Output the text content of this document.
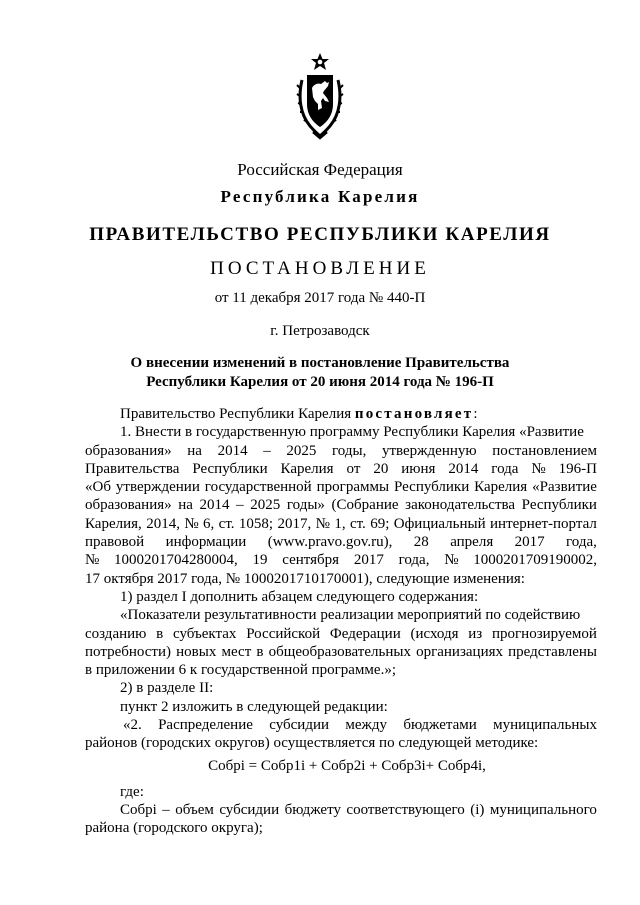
Российская Федерация
Республика Карелия
ПРАВИТЕЛЬСТВО РЕСПУБЛИКИ КАРЕЛИЯ
ПОСТАНОВЛЕНИЕ
от 11 декабря 2017 года № 440-П
г. Петрозаводск
О внесении изменений в постановление Правительства
Республики Карелия от 20 июня 2014 года № 196-П
Правительство Республики Карелия постановляет:
1. Внести в государственную программу Республики Карелия «Развитие
образования» на 2014 – 2025 годы, утвержденную постановлением
Правительства Республики Карелия от 20 июня 2014 года № 196-П
«Об утверждении государственной программы Республики Карелия «Развитие
образования» на 2014 – 2025 годы» (Собрание законодательства Республики
Карелия, 2014, № 6, ст. 1058; 2017, № 1, ст. 69; Официальный интернет-портал
правовой информации (www.pravo.gov.ru), 28 апреля 2017 года,
№ 1000201704280004, 19 сентября 2017 года, № 1000201709190002,
17 октября 2017 года, № 1000201710170001), следующие изменения:
1) раздел I дополнить абзацем следующего содержания:
«Показатели результативности реализации мероприятий по содействию
созданию в субъектах Российской Федерации (исходя из прогнозируемой
потребности) новых мест в общеобразовательных организациях представлены
в приложении 6 к государственной программе.»;
2) в разделе II:
пункт 2 изложить в следующей редакции:
«2. Распределение субсидии между бюджетами муниципальных
районов (городских округов) осуществляется по следующей методике:
Собрi = Собр1i + Собр2i + Собр3i+ Собр4i,
где:
Собрi – объем субсидии бюджету соответствующего (i) муниципального
района (городского округа);
